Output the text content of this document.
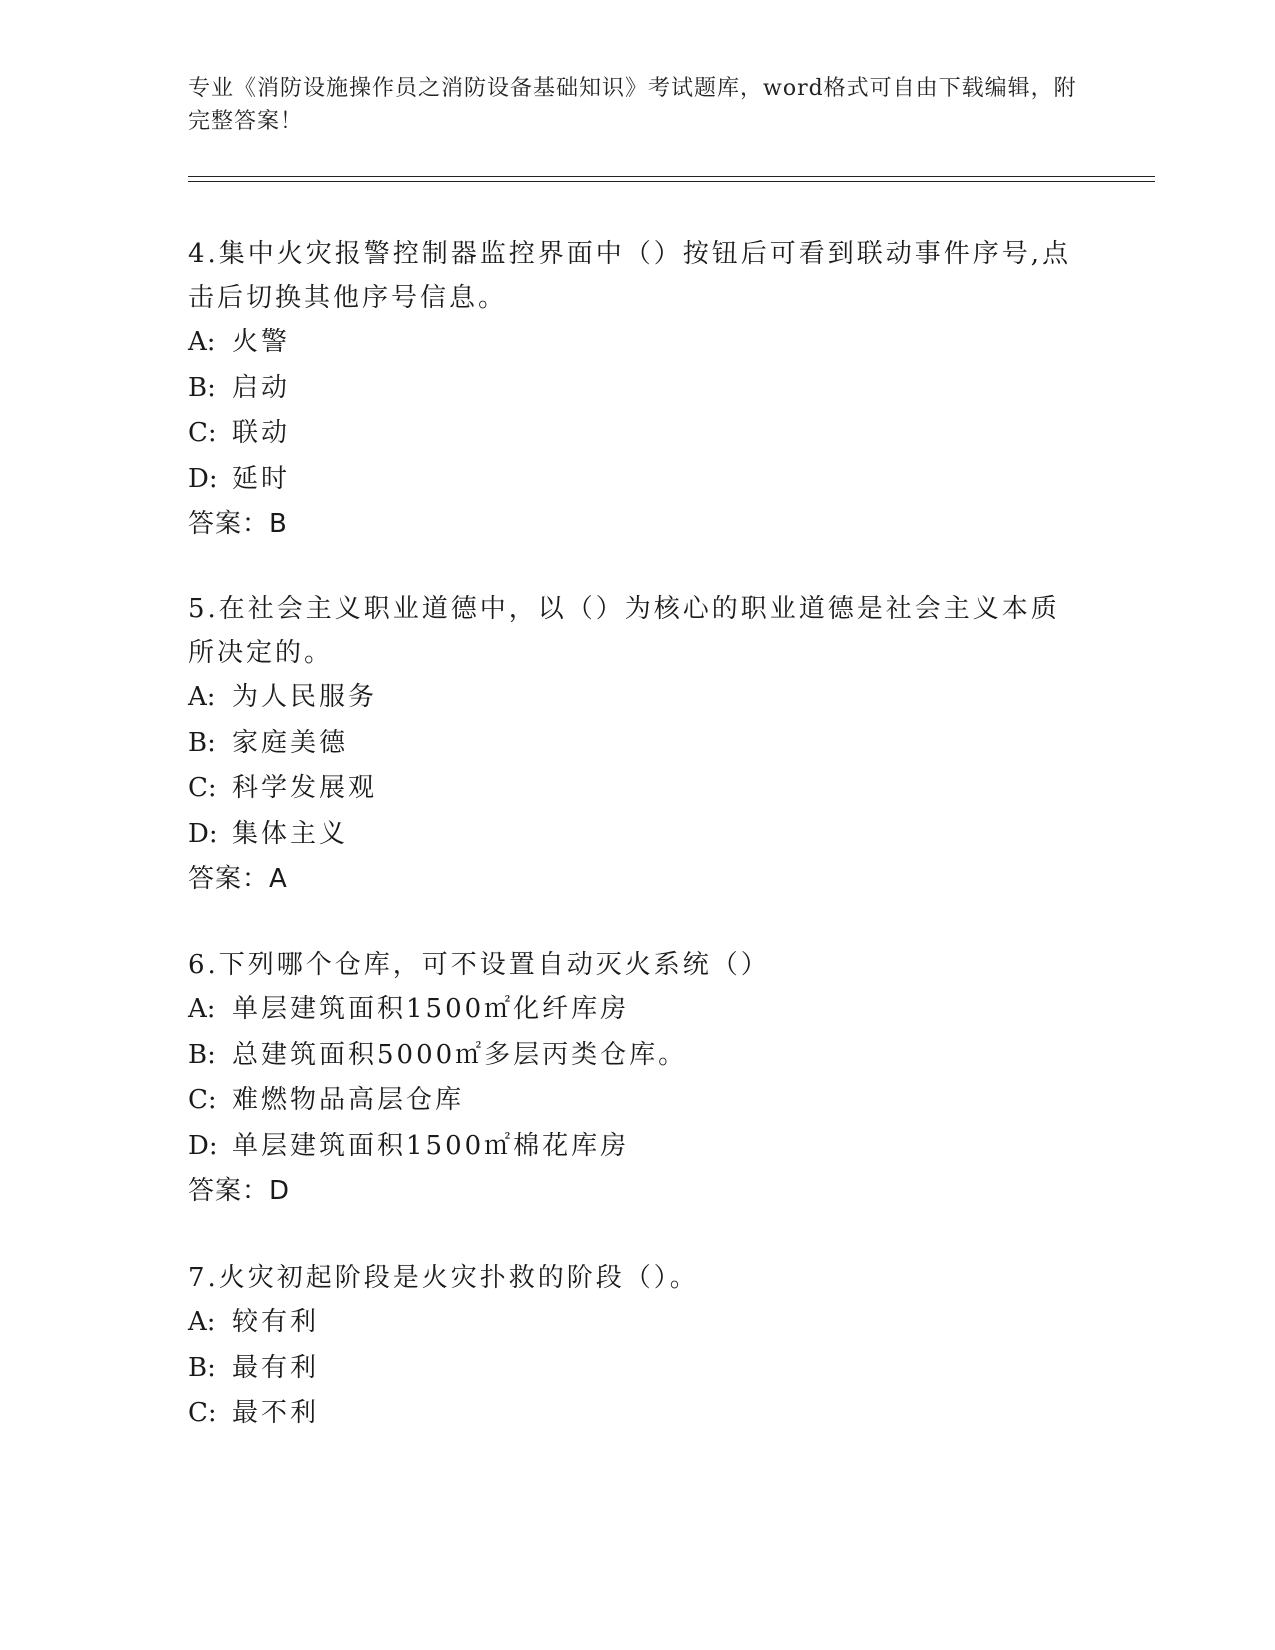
专业《消防设施操作员之消防设备基础知识》考试题库，word格式可自由下载编辑，附完整答案！

4.集中火灾报警控制器监控界面中（）按钮后可看到联动事件序号,点击后切换其他序号信息。

A: 火警

B: 启动

C: 联动

D: 延时

答案：B

5.在社会主义职业道德中，以（）为核心的职业道德是社会主义本质所决定的。

A: 为人民服务

B: 家庭美德

C: 科学发展观

D: 集体主义

答案：A

6.下列哪个仓库，可不设置自动灭火系统（）

A: 单层建筑面积1500㎡化纤库房

B: 总建筑面积5000㎡多层丙类仓库。

C: 难燃物品高层仓库

D: 单层建筑面积1500㎡棉花库房

答案：D

7.火灾初起阶段是火灾扑救的阶段（）。

A: 较有利

B: 最有利

C: 最不利
